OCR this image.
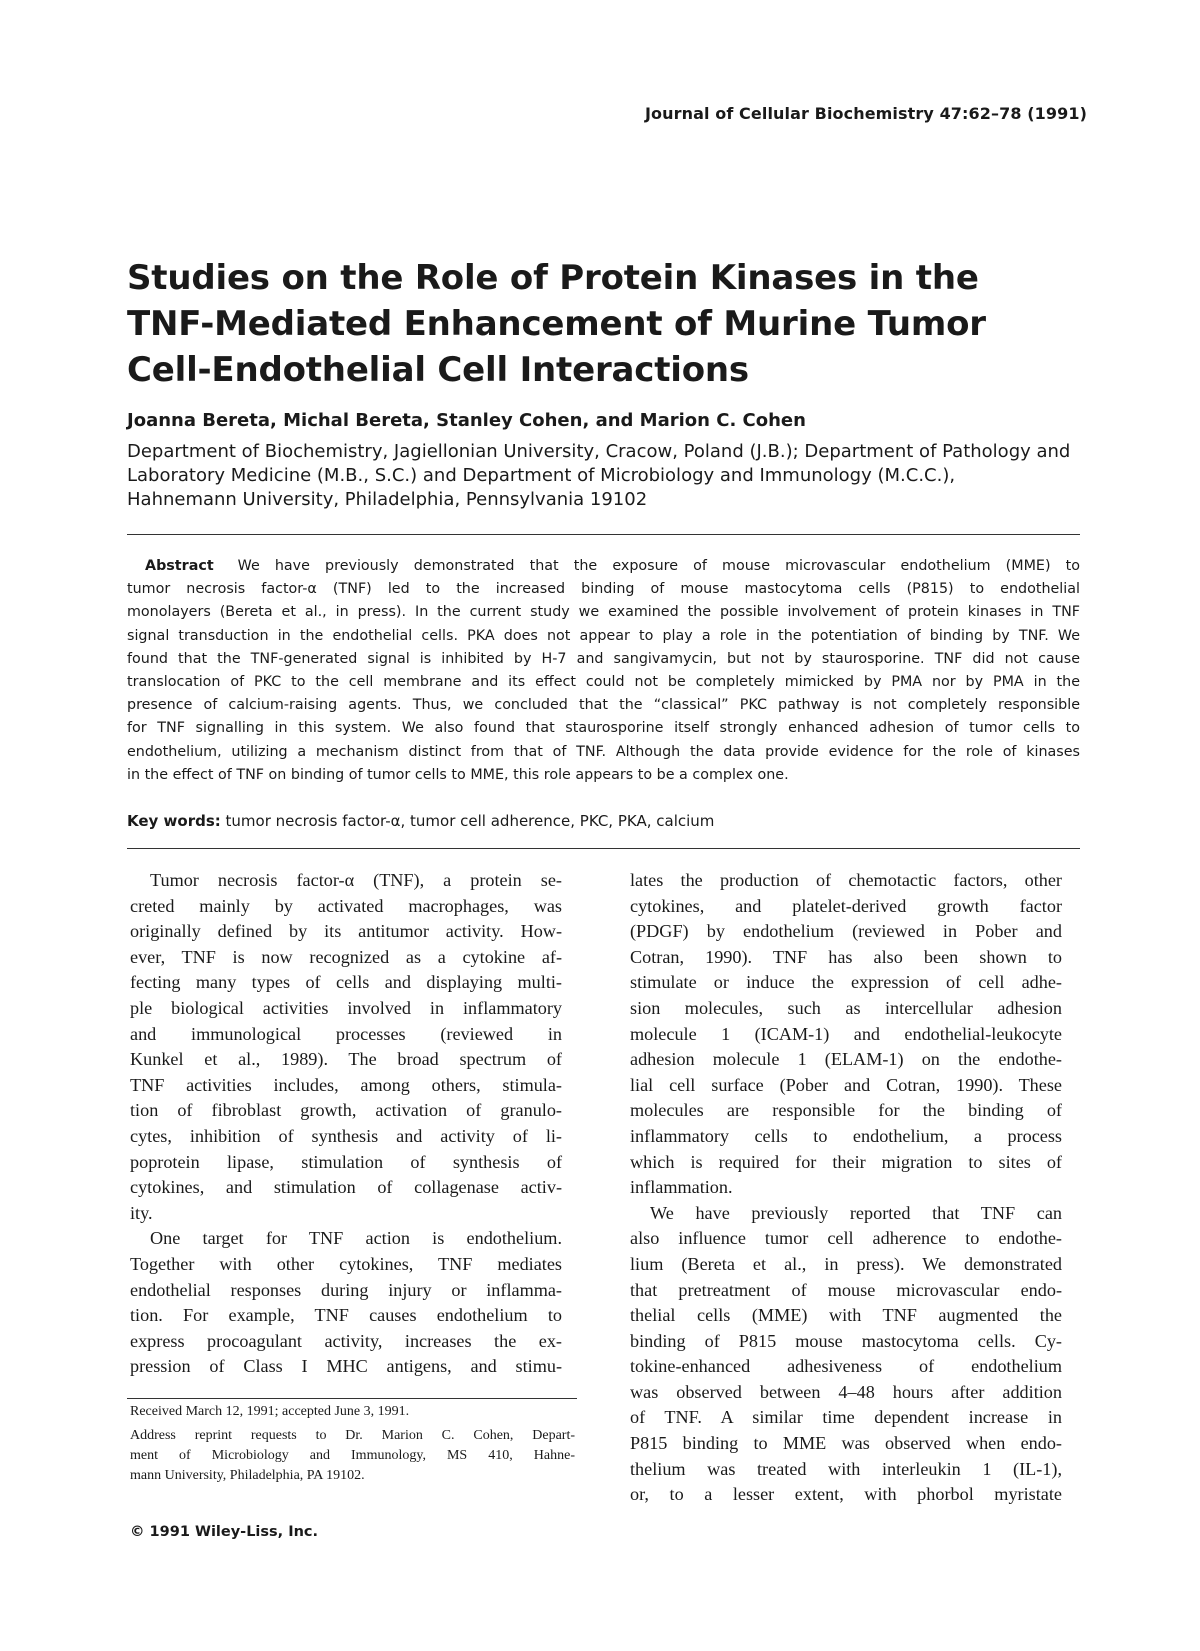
Journal of Cellular Biochemistry 47:62–78 (1991)
Studies on the Role of Protein Kinases in the
TNF-Mediated Enhancement of Murine Tumor
Cell-Endothelial Cell Interactions
Joanna Bereta, Michal Bereta, Stanley Cohen, and Marion C. Cohen
Department of Biochemistry, Jagiellonian University, Cracow, Poland (J.B.); Department of Pathology and
Laboratory Medicine (M.B., S.C.) and Department of Microbiology and Immunology (M.C.C.),
Hahnemann University, Philadelphia, Pennsylvania 19102
Abstract We have previously demonstrated that the exposure of mouse microvascular endothelium (MME) to
tumor necrosis factor-α (TNF) led to the increased binding of mouse mastocytoma cells (P815) to endothelial
monolayers (Bereta et al., in press). In the current study we examined the possible involvement of protein kinases in TNF
signal transduction in the endothelial cells. PKA does not appear to play a role in the potentiation of binding by TNF. We
found that the TNF-generated signal is inhibited by H-7 and sangivamycin, but not by staurosporine. TNF did not cause
translocation of PKC to the cell membrane and its effect could not be completely mimicked by PMA nor by PMA in the
presence of calcium-raising agents. Thus, we concluded that the “classical” PKC pathway is not completely responsible
for TNF signalling in this system. We also found that staurosporine itself strongly enhanced adhesion of tumor cells to
endothelium, utilizing a mechanism distinct from that of TNF. Although the data provide evidence for the role of kinases
in the effect of TNF on binding of tumor cells to MME, this role appears to be a complex one.
Key words: tumor necrosis factor-α, tumor cell adherence, PKC, PKA, calcium
Tumor necrosis factor-α (TNF), a protein se-
creted mainly by activated macrophages, was
originally defined by its antitumor activity. How-
ever, TNF is now recognized as a cytokine af-
fecting many types of cells and displaying multi-
ple biological activities involved in inflammatory
and immunological processes (reviewed in
Kunkel et al., 1989). The broad spectrum of
TNF activities includes, among others, stimula-
tion of fibroblast growth, activation of granulo-
cytes, inhibition of synthesis and activity of li-
poprotein lipase, stimulation of synthesis of
cytokines, and stimulation of collagenase activ-
ity.
One target for TNF action is endothelium.
Together with other cytokines, TNF mediates
endothelial responses during injury or inflamma-
tion. For example, TNF causes endothelium to
express procoagulant activity, increases the ex-
pression of Class I MHC antigens, and stimu-
lates the production of chemotactic factors, other
cytokines, and platelet-derived growth factor
(PDGF) by endothelium (reviewed in Pober and
Cotran, 1990). TNF has also been shown to
stimulate or induce the expression of cell adhe-
sion molecules, such as intercellular adhesion
molecule 1 (ICAM-1) and endothelial-leukocyte
adhesion molecule 1 (ELAM-1) on the endothe-
lial cell surface (Pober and Cotran, 1990). These
molecules are responsible for the binding of
inflammatory cells to endothelium, a process
which is required for their migration to sites of
inflammation.
We have previously reported that TNF can
also influence tumor cell adherence to endothe-
lium (Bereta et al., in press). We demonstrated
that pretreatment of mouse microvascular endo-
thelial cells (MME) with TNF augmented the
binding of P815 mouse mastocytoma cells. Cy-
tokine-enhanced adhesiveness of endothelium
was observed between 4–48 hours after addition
of TNF. A similar time dependent increase in
P815 binding to MME was observed when endo-
thelium was treated with interleukin 1 (IL-1),
or, to a lesser extent, with phorbol myristate
Received March 12, 1991; accepted June 3, 1991.
Address reprint requests to Dr. Marion C. Cohen, Depart-
ment of Microbiology and Immunology, MS 410, Hahne-
mann University, Philadelphia, PA 19102.
© 1991 Wiley-Liss, Inc.
